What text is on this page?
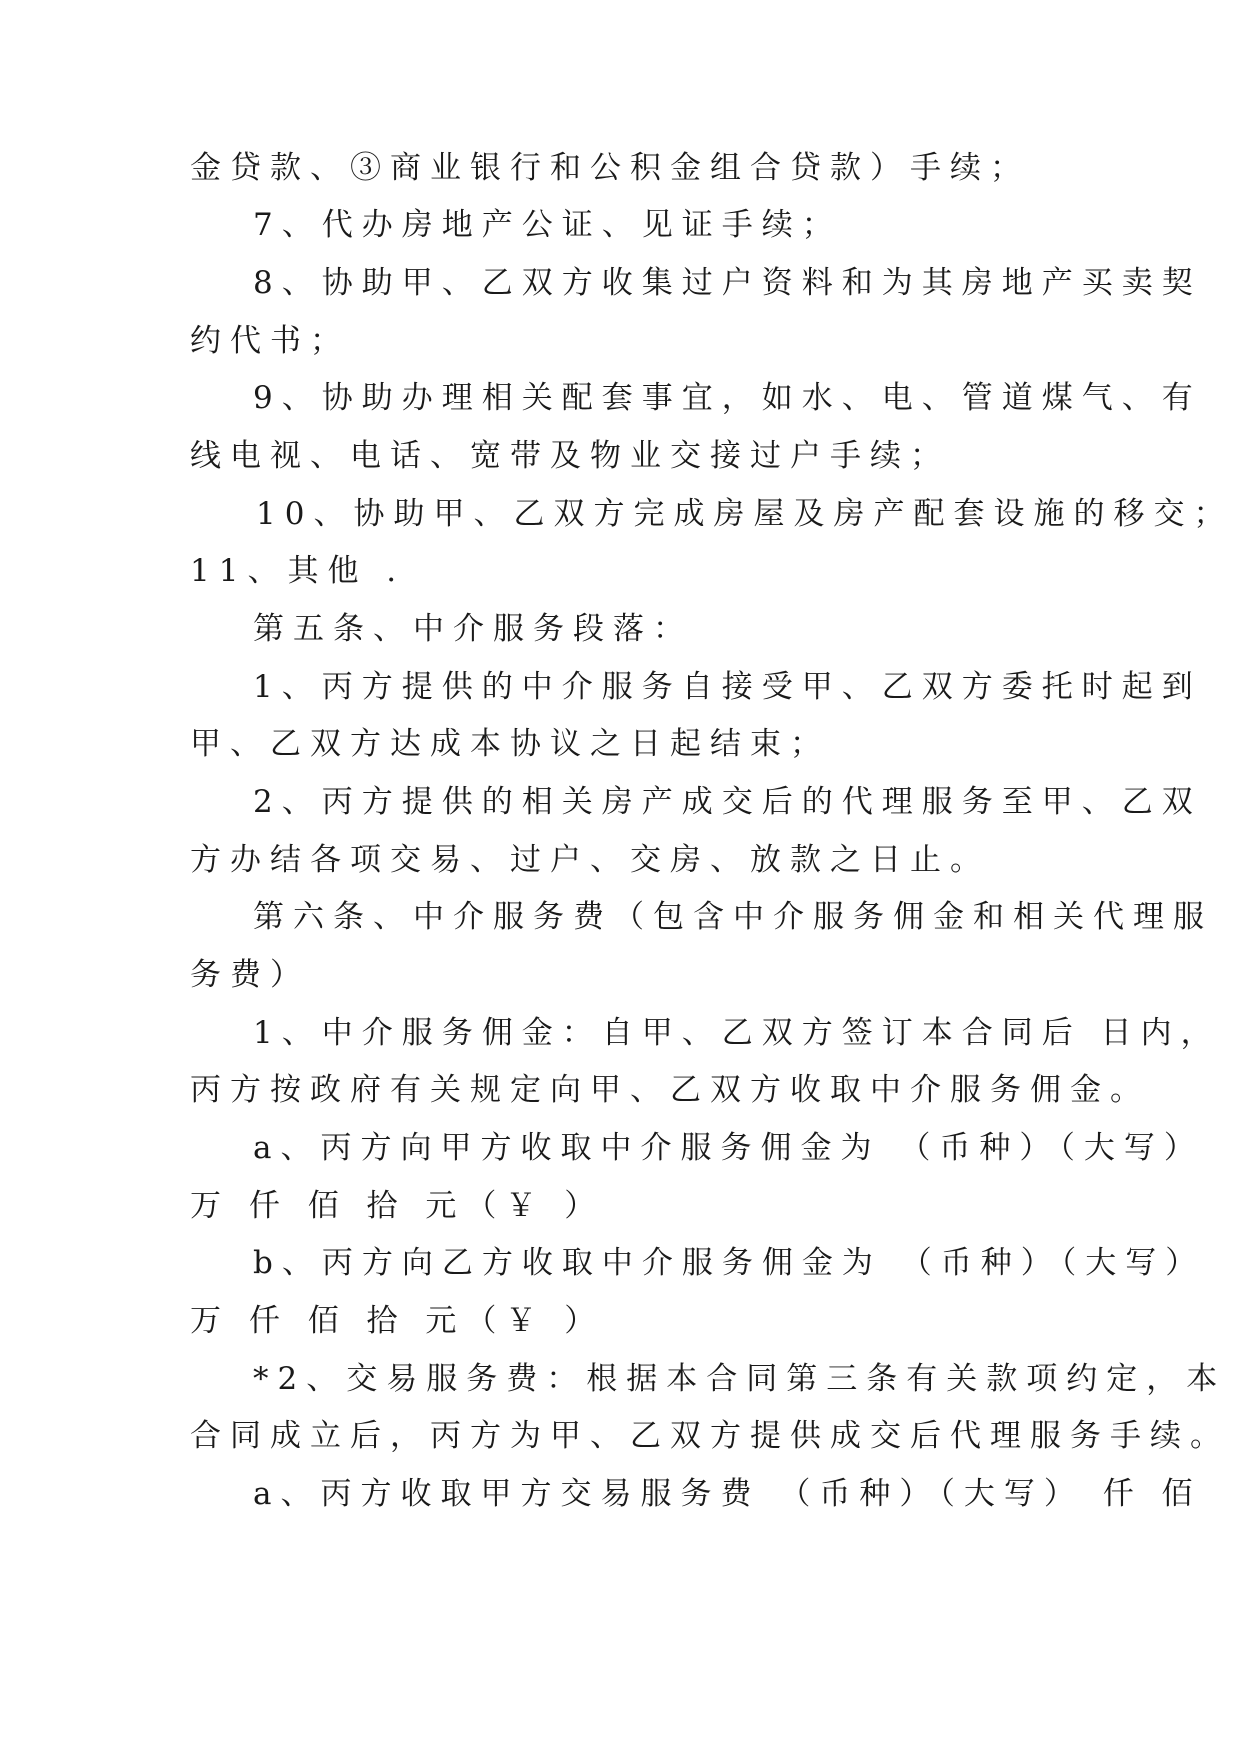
金贷款、③商业银行和公积金组合贷款）手续；
7、代办房地产公证、见证手续；
8、协助甲、乙双方收集过户资料和为其房地产买卖契
约代书；
9、协助办理相关配套事宜，如水、电、管道煤气、有
线电视、电话、宽带及物业交接过户手续；
10、协助甲、乙双方完成房屋及房产配套设施的移交；
11、其他 .
第五条、中介服务段落：
1、丙方提供的中介服务自接受甲、乙双方委托时起到
甲、乙双方达成本协议之日起结束；
2、丙方提供的相关房产成交后的代理服务至甲、乙双
方办结各项交易、过户、交房、放款之日止。
第六条、中介服务费（包含中介服务佣金和相关代理服
务费）
1、中介服务佣金：自甲、乙双方签订本合同后 日内，
丙方按政府有关规定向甲、乙双方收取中介服务佣金。
a、丙方向甲方收取中介服务佣金为 （币种）（大写）
万 仟 佰 拾 元（￥ ）
b、丙方向乙方收取中介服务佣金为 （币种）（大写）
万 仟 佰 拾 元（￥ ）
*2、交易服务费：根据本合同第三条有关款项约定，本
合同成立后，丙方为甲、乙双方提供成交后代理服务手续。
a、丙方收取甲方交易服务费 （币种）（大写） 仟 佰
